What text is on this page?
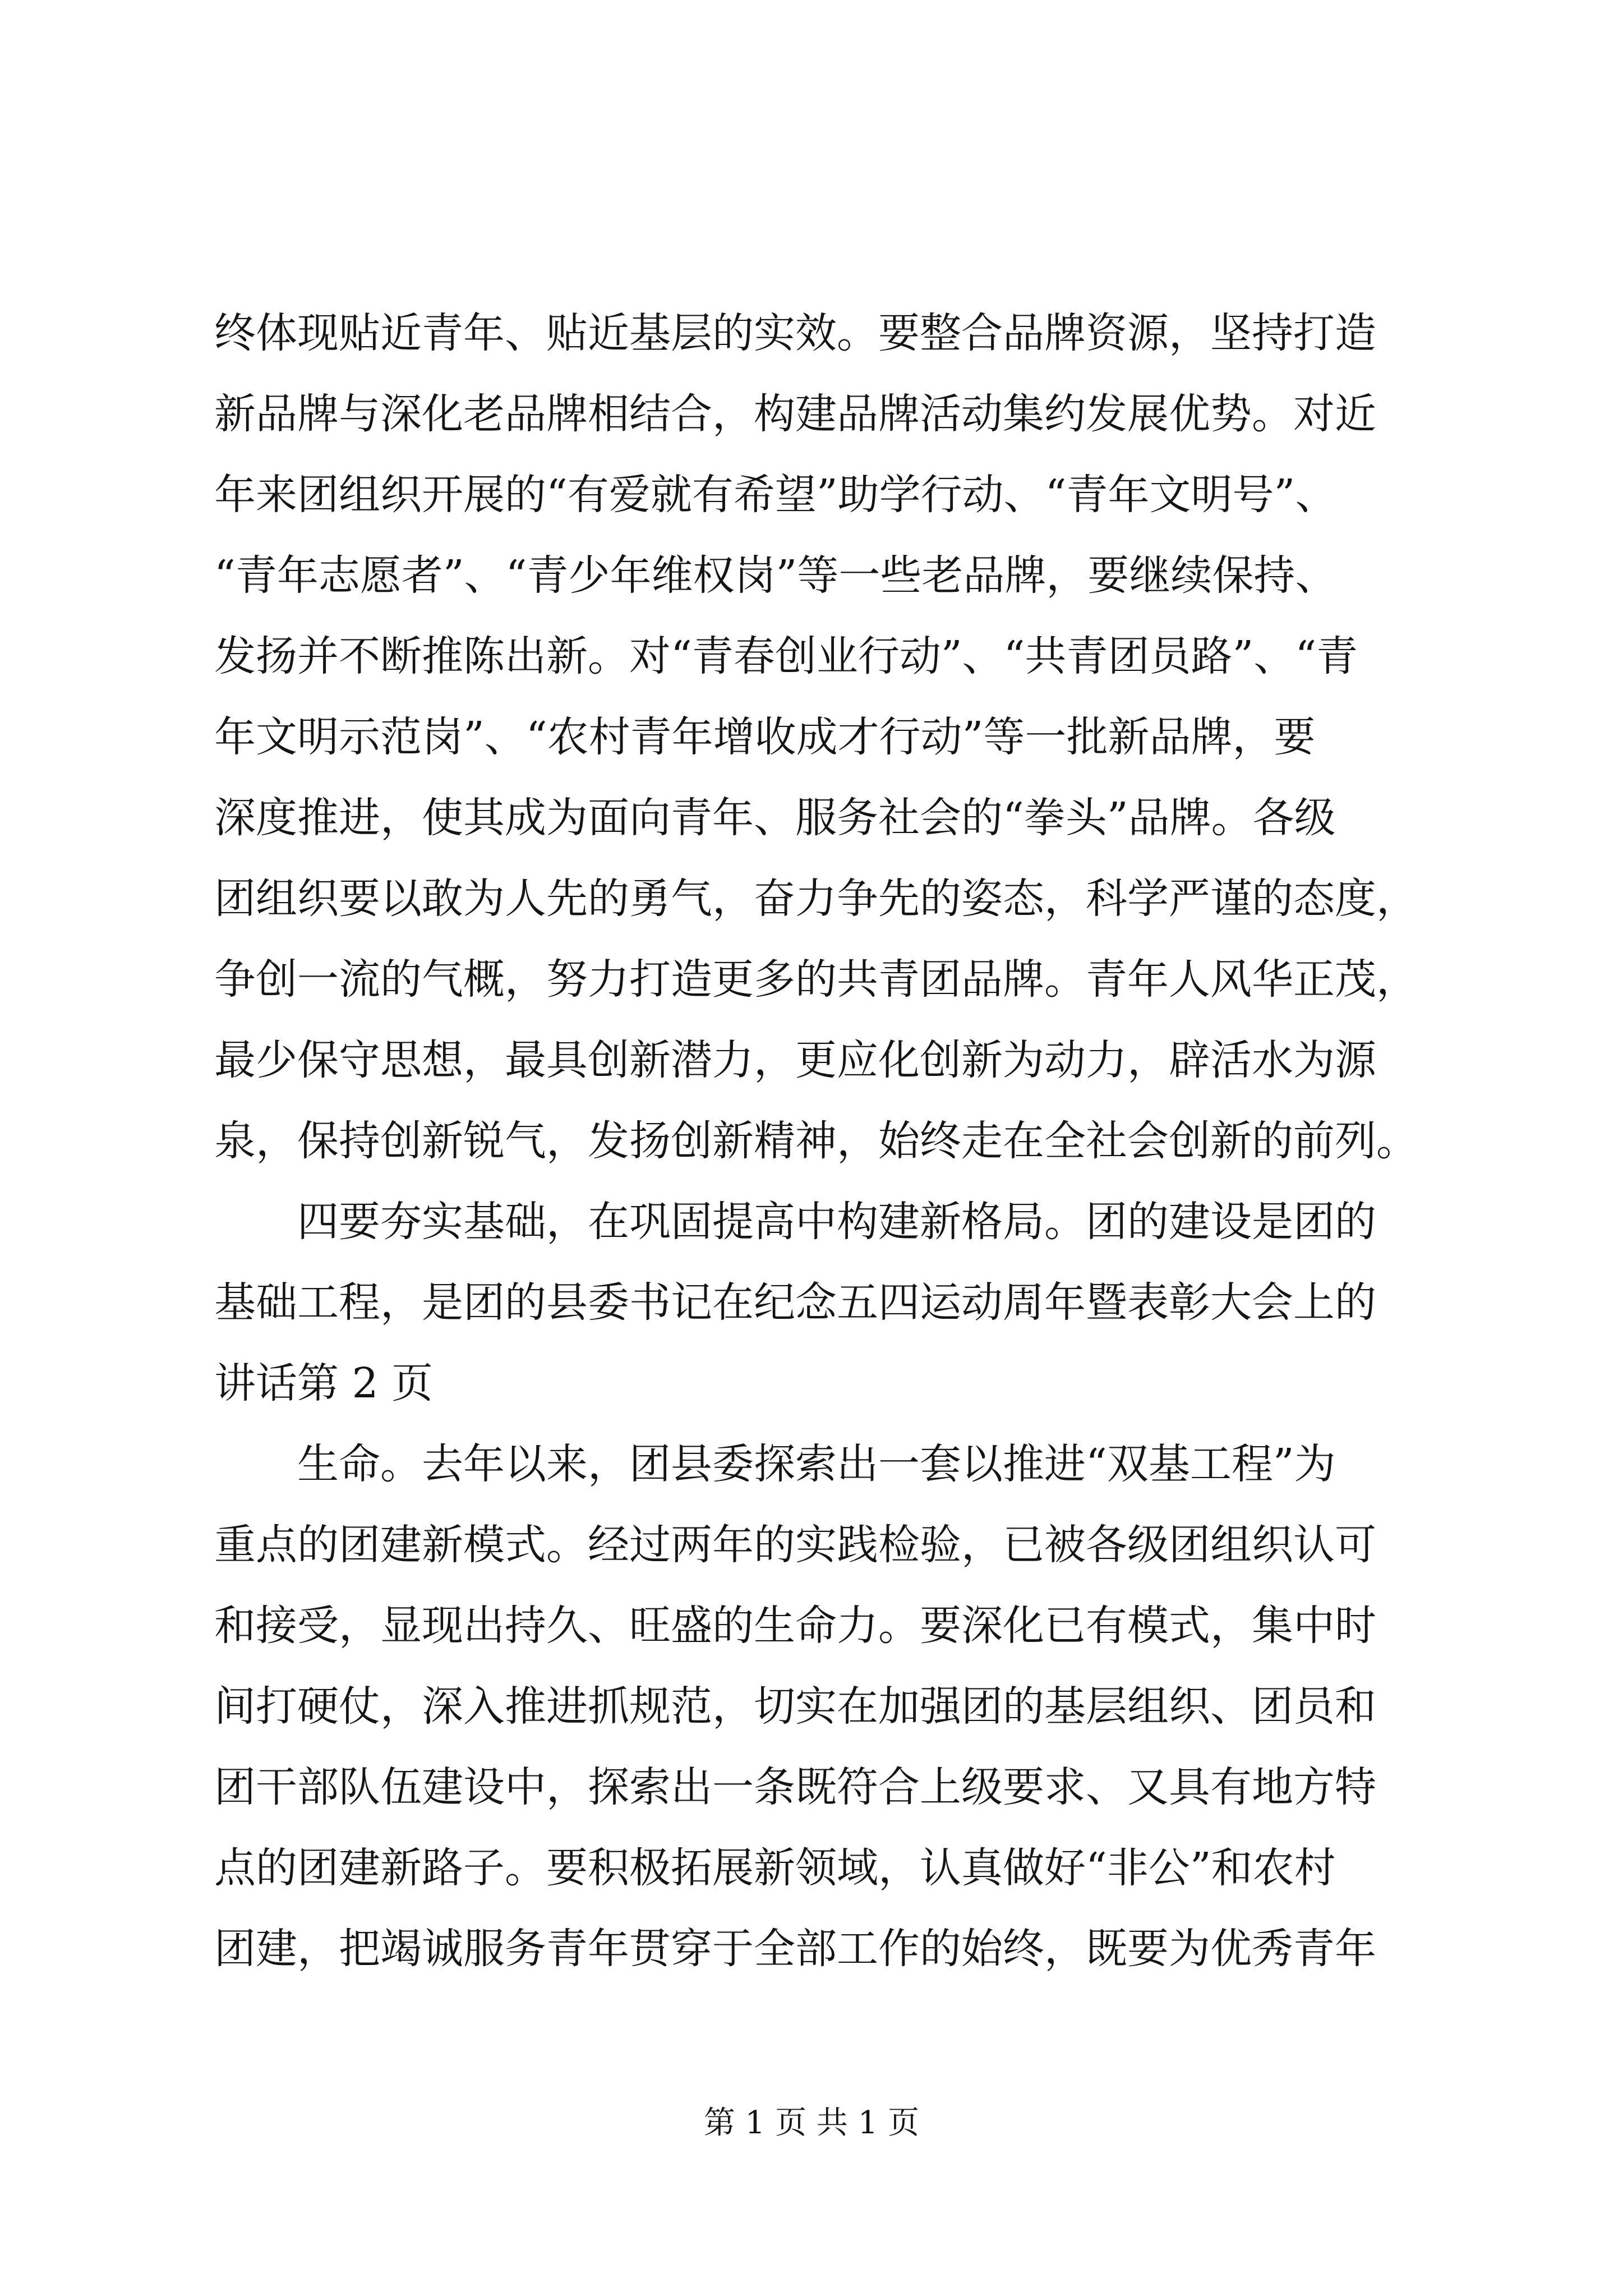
终体现贴近青年、贴近基层的实效。要整合品牌资源，坚持打造
新品牌与深化老品牌相结合，构建品牌活动集约发展优势。对近
年来团组织开展的“有爱就有希望”助学行动、“青年文明号”、
“青年志愿者”、“青少年维权岗”等一些老品牌，要继续保持、
发扬并不断推陈出新。对“青春创业行动”、“共青团员路”、“青
年文明示范岗”、“农村青年增收成才行动”等一批新品牌，要
深度推进，使其成为面向青年、服务社会的“拳头”品牌。各级
团组织要以敢为人先的勇气，奋力争先的姿态，科学严谨的态度，
争创一流的气概，努力打造更多的共青团品牌。青年人风华正茂，
最少保守思想，最具创新潜力，更应化创新为动力，辟活水为源
泉，保持创新锐气，发扬创新精神，始终走在全社会创新的前列。
四要夯实基础，在巩固提高中构建新格局。团的建设是团的
基础工程，是团的县委书记在纪念五四运动周年暨表彰大会上的
讲话第 2 页
生命。去年以来，团县委探索出一套以推进“双基工程”为
重点的团建新模式。经过两年的实践检验，已被各级团组织认可
和接受，显现出持久、旺盛的生命力。要深化已有模式，集中时
间打硬仗，深入推进抓规范，切实在加强团的基层组织、团员和
团干部队伍建设中，探索出一条既符合上级要求、又具有地方特
点的团建新路子。要积极拓展新领域，认真做好“非公”和农村
团建，把竭诚服务青年贯穿于全部工作的始终，既要为优秀青年
第 1 页 共 1 页
